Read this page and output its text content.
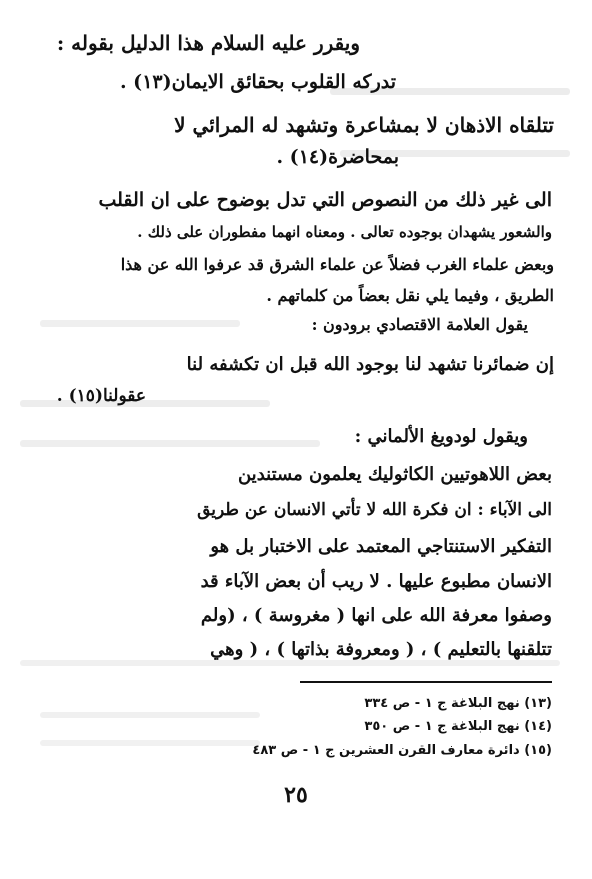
ويقرر عليه السلام هذا الدليل بقوله :
تدركه القلوب بحقائق الايمان(١٣) .
تتلقاه الاذهان لا بمشاعرة وتشهد له المرائي لا
بمحاضرة(١٤) .
الى غير ذلك من النصوص التي تدل بوضوح على ان القلب
والشعور يشهدان بوجوده تعالى . ومعناه انهما مفطوران على ذلك .
وبعض علماء الغرب فضلاً عن علماء الشرق قد عرفوا الله عن هذا
الطريق ، وفيما يلي نقل بعضاً من كلماتهم .
يقول العلامة الاقتصادي برودون :
إن ضمائرنا تشهد لنا بوجود الله قبل ان تكشفه لنا
عقولنا(١٥) .
ويقول لودويغ الألماني :
بعض اللاهوتيين الكاثوليك يعلمون مستندين
الى الآباء : ان فكرة الله لا تأتي الانسان عن طريق
التفكير الاستنتاجي المعتمد على الاختبار بل هو
الانسان مطبوع عليها . لا ريب أن بعض الآباء قد
وصفوا معرفة الله على انها ( مغروسة ) ، (ولم
تتلقنها بالتعليم ) ، ( ومعروفة بذاتها ) ، ( وهي
(١٣) نهج البلاغة ج ١ - ص ٣٣٤
(١٤) نهج البلاغة ج ١ - ص ٣٥٠
(١٥) دائرة معارف القرن العشرين ج ١ - ص ٤٨٣
٢٥
